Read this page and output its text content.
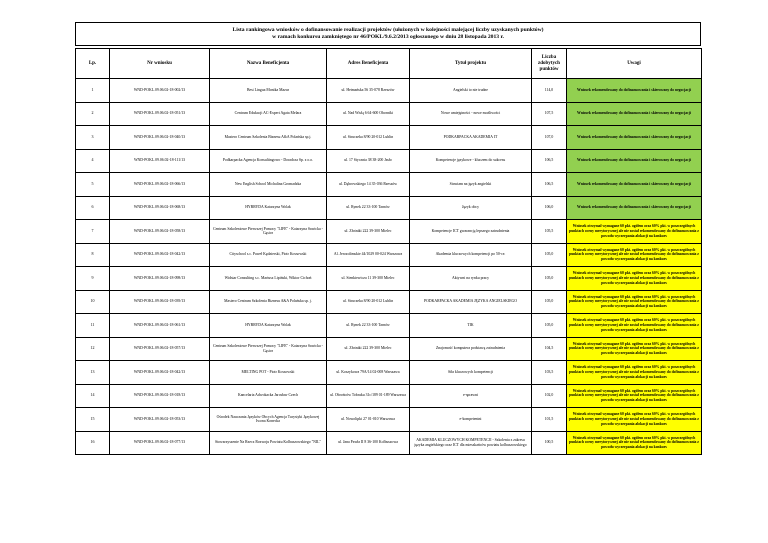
Lista rankingowa wniosków o dofinansowanie realizacji projektów (ułożonych w kolejności malejącej liczby uzyskanych punktów)
w ramach konkursu zamkniętego nr 46/POKL/9.6.2/2013 ogłoszonego w dniu 28 listopada 2013 r.
Lp.	Nr wniosku	Nazwa Beneficjenta	Adres Beneficjenta	Tytuł projektu	Liczba zdobytych punktów	Uwagi
1	WND-POKL.09.06.02-18-002/13	Best Lingua Monika Mazur	ul. Hetmańska 56 35-078 Rzeszów	Angielski to nie trudne	114,0	Wniosek rekomendowany do dofinansowania i skierowany do negocjacji
2	WND-POKL.09.06.02-18-051/13	Centrum Edukacji AC-Expert Agata Melara	ul. Nad Wisłą 6 64-600 Oborniki	Nowe umiejętności - nowe możliwości	107,5	Wniosek rekomendowany do dofinansowania i skierowany do negocjacji
3	WND-POKL.09.06.02-18-040/13	Mastero Centrum Szkolenia Biznesu A&A Polańska sp.j.	ul. Struczeka 8/90 20-012 Lublin	PODKARPACKA AKADEMIA IT	107,0	Wniosek rekomendowany do dofinansowania i skierowany do negocjacji
4	WND-POKL.09.06.02-18-111/13	Podkarpacka Agencja Konsultingowo - Doradcza Sp. z o.o.	ul. 17 Stycznia 38 38-200 Jasło	Kompetencje językowe - kluczem do sukcesu	106,5	Wniosek rekomendowany do dofinansowania i skierowany do negocjacji
5	WND-POKL.09.06.02-18-066/13	New English School Michalina Gromadzka	ul. Dąbrowskiego 14 35-036 Rzeszów	Stawiam na język angielski	106,5	Wniosek rekomendowany do dofinansowania i skierowany do negocjacji
6	WND-POKL.09.06.02-18-068/13	HYBRYDA Katarzyna Wolak	ul. Rynek 22 33-100 Tarnów	Język obcy	106,0	Wniosek rekomendowany do dofinansowania i skierowany do negocjacji
7	WND-POKL.09.06.02-18-058/13	Centrum Szkoleniowe Pierwszej Pomocy "LIFE" - Katarzyna Sawicka - Gąsior	ul. Złotniki 222 39-300 Mielec	Kompetencje ICT gwarancją lepszego zatrudnienia	105,5	Wniosek otrzymał wymagane 60 pkt. ogółem oraz 60% pkt. w poszczególnych punktach oceny merytorycznej ale nie został rekomendowany do dofinansowania z powodu wyczerpania alokacji na konkurs
8	WND-POKL.09.06.02-18-042/13	Cityschool s.c. Paweł Kędzierski, Piotr Kossowski	Al. Jerozolimskie 44/1029 00-024 Warszawa	Akademia kluczowych kompetencji po 50-ce.	105,0	Wniosek otrzymał wymagane 60 pkt. ogółem oraz 60% pkt. w poszczególnych punktach oceny merytorycznej ale nie został rekomendowany do dofinansowania z powodu wyczerpania alokacji na konkurs
9	WND-POKL.09.06.02-18-098/13	Widstar Consulting s.c. Mariusz Lipiński, Wiktor Cichoń	ul. Sienkiewicza 11 39-300 Mielec	Aktywni na rynku pracy	105,0	Wniosek otrzymał wymagane 60 pkt. ogółem oraz 60% pkt. w poszczególnych punktach oceny merytorycznej ale nie został rekomendowany do dofinansowania z powodu wyczerpania alokacji na konkurs
10	WND-POKL.09.06.02-18-039/13	Mastero Centrum Szkolenia Biznesu A&A Polańska sp. j.	ul. Struczeka 8/90 20-012 Lublin	PODKARPACKA AKADEMIA JĘZYKA ANGIELSKIEGO	105,0	Wniosek otrzymał wymagane 60 pkt. ogółem oraz 60% pkt. w poszczególnych punktach oceny merytorycznej ale nie został rekomendowany do dofinansowania z powodu wyczerpania alokacji na konkurs
11	WND-POKL.09.06.02-18-061/13	HYBRYDA Katarzyna Wolak	ul. Rynek 22 33-100 Tarnów	TIK	105,0	Wniosek otrzymał wymagane 60 pkt. ogółem oraz 60% pkt. w poszczególnych punktach oceny merytorycznej ale nie został rekomendowany do dofinansowania z powodu wyczerpania alokacji na konkurs
12	WND-POKL.09.06.02-18-057/13	Centrum Szkoleniowe Pierwszej Pomocy "LIFE" - Katarzyna Sawicka - Gąsior	ul. Złotniki 222 39-300 Mielec	Znajomość komputera podstawą zatrudnienia	104,5	Wniosek otrzymał wymagane 60 pkt. ogółem oraz 60% pkt. w poszczególnych punktach oceny merytorycznej ale nie został rekomendowany do dofinansowania z powodu wyczerpania alokacji na konkurs
13	WND-POKL.09.06.02-18-042/13	MELTING POT - Piotr Kossowski	ul. Koszykowa 79A/14 02-008 Warszawa	Siła kluczowych kompetencji	103,5	Wniosek otrzymał wymagane 60 pkt. ogółem oraz 60% pkt. w poszczególnych punktach oceny merytorycznej ale nie został rekomendowany do dofinansowania z powodu wyczerpania alokacji na konkurs
14	WND-POKL.09.06.02-18-018/13	Kancelaria Adwokacka Jarosław Czech	ul. Obrońców Tobruku 31c/189 01-189 Warszawa	e-sprawni	102,0	Wniosek otrzymał wymagane 60 pkt. ogółem oraz 60% pkt. w poszczególnych punktach oceny merytorycznej ale nie został rekomendowany do dofinansowania z powodu wyczerpania alokacji na konkurs
15	WND-POKL.09.06.02-18-053/13	Ośrodek Nauczania Języków Obcych Agencja Turystyki Językowej Iwona Konecka	ul. Nowolipki 27 01-010 Warszawa	e-kompetentni	101,5	Wniosek otrzymał wymagane 60 pkt. ogółem oraz 60% pkt. w poszczególnych punktach oceny merytorycznej ale nie został rekomendowany do dofinansowania z powodu wyczerpania alokacji na konkurs
16	WND-POKL.09.06.02-18-077/13	Stowarzyszenie Na Rzecz Rozwoju Powiatu Kolbuszowskiego "NIL"	ul. Jana Pawła II 8 36-100 Kolbuszowa	AKADEMIA KLUCZOWYCH KOMPETENCJI - Szkolenia z zakresu języka angielskiego oraz ICT dla mieszkańców powiatu kolbuszowskiego	100,5	Wniosek otrzymał wymagane 60 pkt. ogółem oraz 60% pkt. w poszczególnych punktach oceny merytorycznej ale nie został rekomendowany do dofinansowania z powodu wyczerpania alokacji na konkurs
